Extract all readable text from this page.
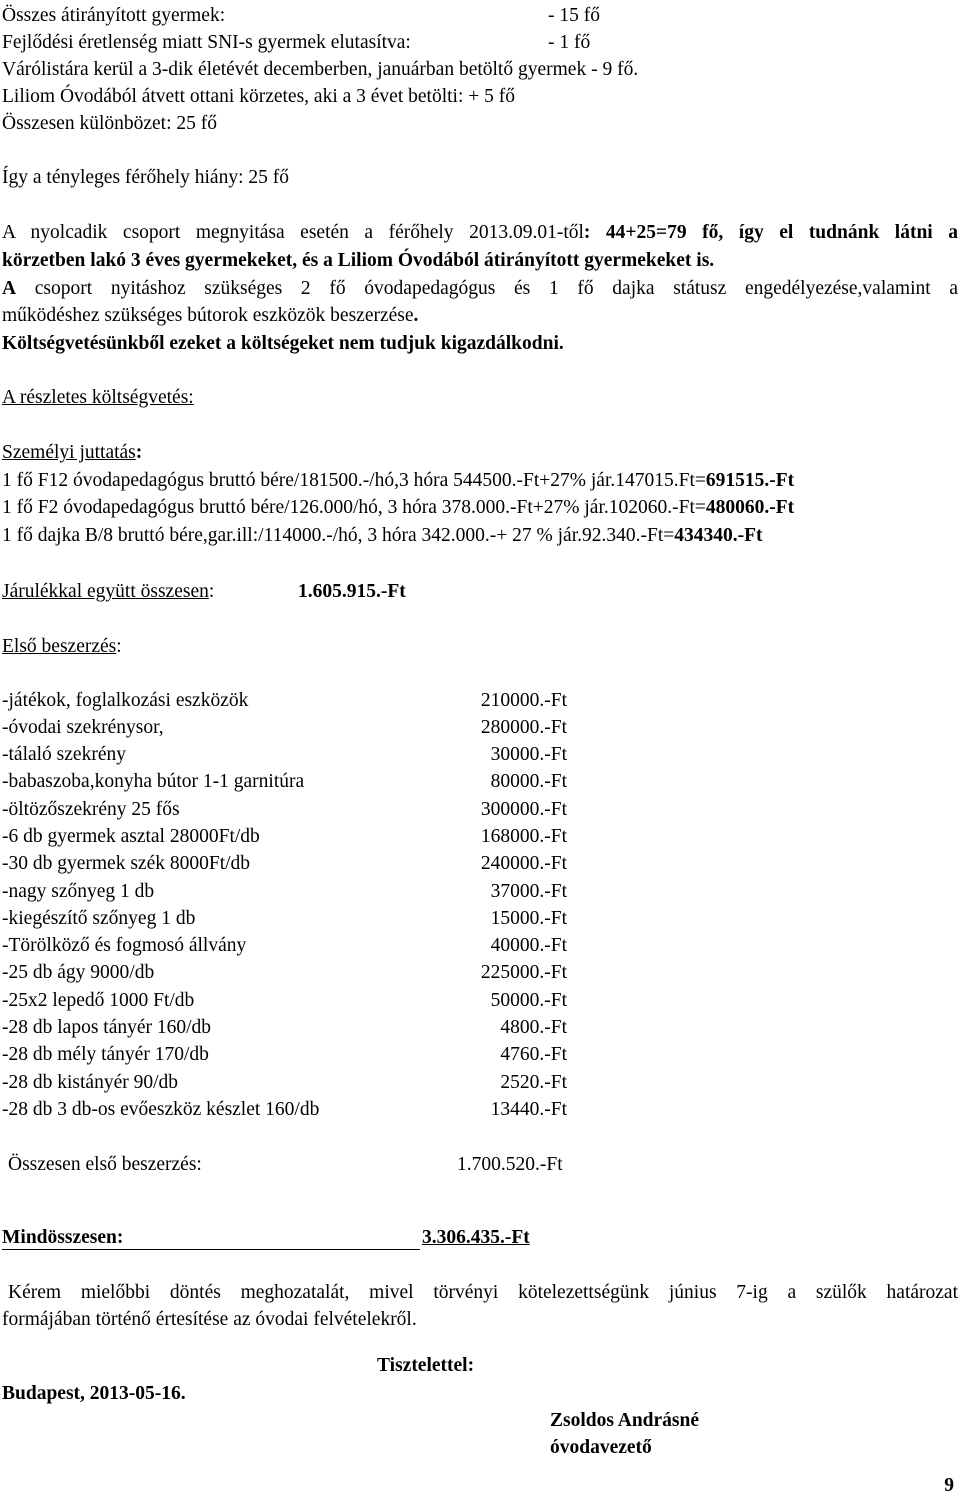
Összes átirányított gyermek:	- 15 fő
Fejlődési éretlenség miatt SNI-s gyermek elutasítva:	- 1 fő
Várólistára kerül a 3-dik életévét decemberben, januárban betöltő gyermek - 9 fő.
Liliom Óvodából átvett ottani körzetes, aki a 3 évet betölti: + 5 fő
Összesen különbözet: 25 fő
Így a tényleges férőhely hiány: 25 fő
A nyolcadik csoport megnyitása esetén a férőhely 2013.09.01-től: 44+25=79 fő, így el tudnánk látni a
körzetben lakó 3 éves gyermekeket, és a Liliom Óvodából átirányított gyermekeket is.
A csoport nyitáshoz szükséges 2 fő óvodapedagógus és 1 fő dajka státusz engedélyezése,valamint a
működéshez szükséges bútorok eszközök beszerzése.
Költségvetésünkből ezeket a költségeket nem tudjuk kigazdálkodni.
A részletes költségvetés:
Személyi juttatás:
1 fő F12 óvodapedagógus bruttó bére/181500.-/hó,3 hóra 544500.-Ft+27% jár.147015.Ft=691515.-Ft
1 fő F2 óvodapedagógus bruttó bére/126.000/hó, 3 hóra 378.000.-Ft+27% jár.102060.-Ft=480060.-Ft
1 fő dajka B/8 bruttó bére,gar.ill:/114000.-/hó, 3 hóra 342.000.-+ 27 % jár.92.340.-Ft=434340.-Ft
Járulékkal együtt összesen:	1.605.915.-Ft
Első beszerzés:
-játékok, foglalkozási eszközök	210000.-Ft
-óvodai szekrénysor,	280000.-Ft
-tálaló szekrény	30000.-Ft
-babaszoba,konyha bútor 1-1 garnitúra	80000.-Ft
-öltözőszekrény 25 fős	300000.-Ft
-6 db gyermek asztal 28000Ft/db	168000.-Ft
-30 db gyermek szék 8000Ft/db	240000.-Ft
-nagy szőnyeg 1 db	37000.-Ft
-kiegészítő szőnyeg 1 db	15000.-Ft
-Törölköző és fogmosó állvány	40000.-Ft
-25 db ágy 9000/db	225000.-Ft
-25x2 lepedő 1000 Ft/db	50000.-Ft
-28 db lapos tányér 160/db	4800.-Ft
-28 db mély tányér 170/db	4760.-Ft
-28 db kistányér 90/db	2520.-Ft
-28 db 3 db-os evőeszköz készlet 160/db	13440.-Ft
Összesen első beszerzés:	1.700.520.-Ft
Mindösszesen:	3.306.435.-Ft
Kérem mielőbbi döntés meghozatalát, mivel törvényi kötelezettségünk június 7-ig a szülők határozat
formájában történő értesítése az óvodai felvételekről.
Tisztelettel:
Budapest, 2013-05-16.
Zsoldos Andrásné
óvodavezető
9
